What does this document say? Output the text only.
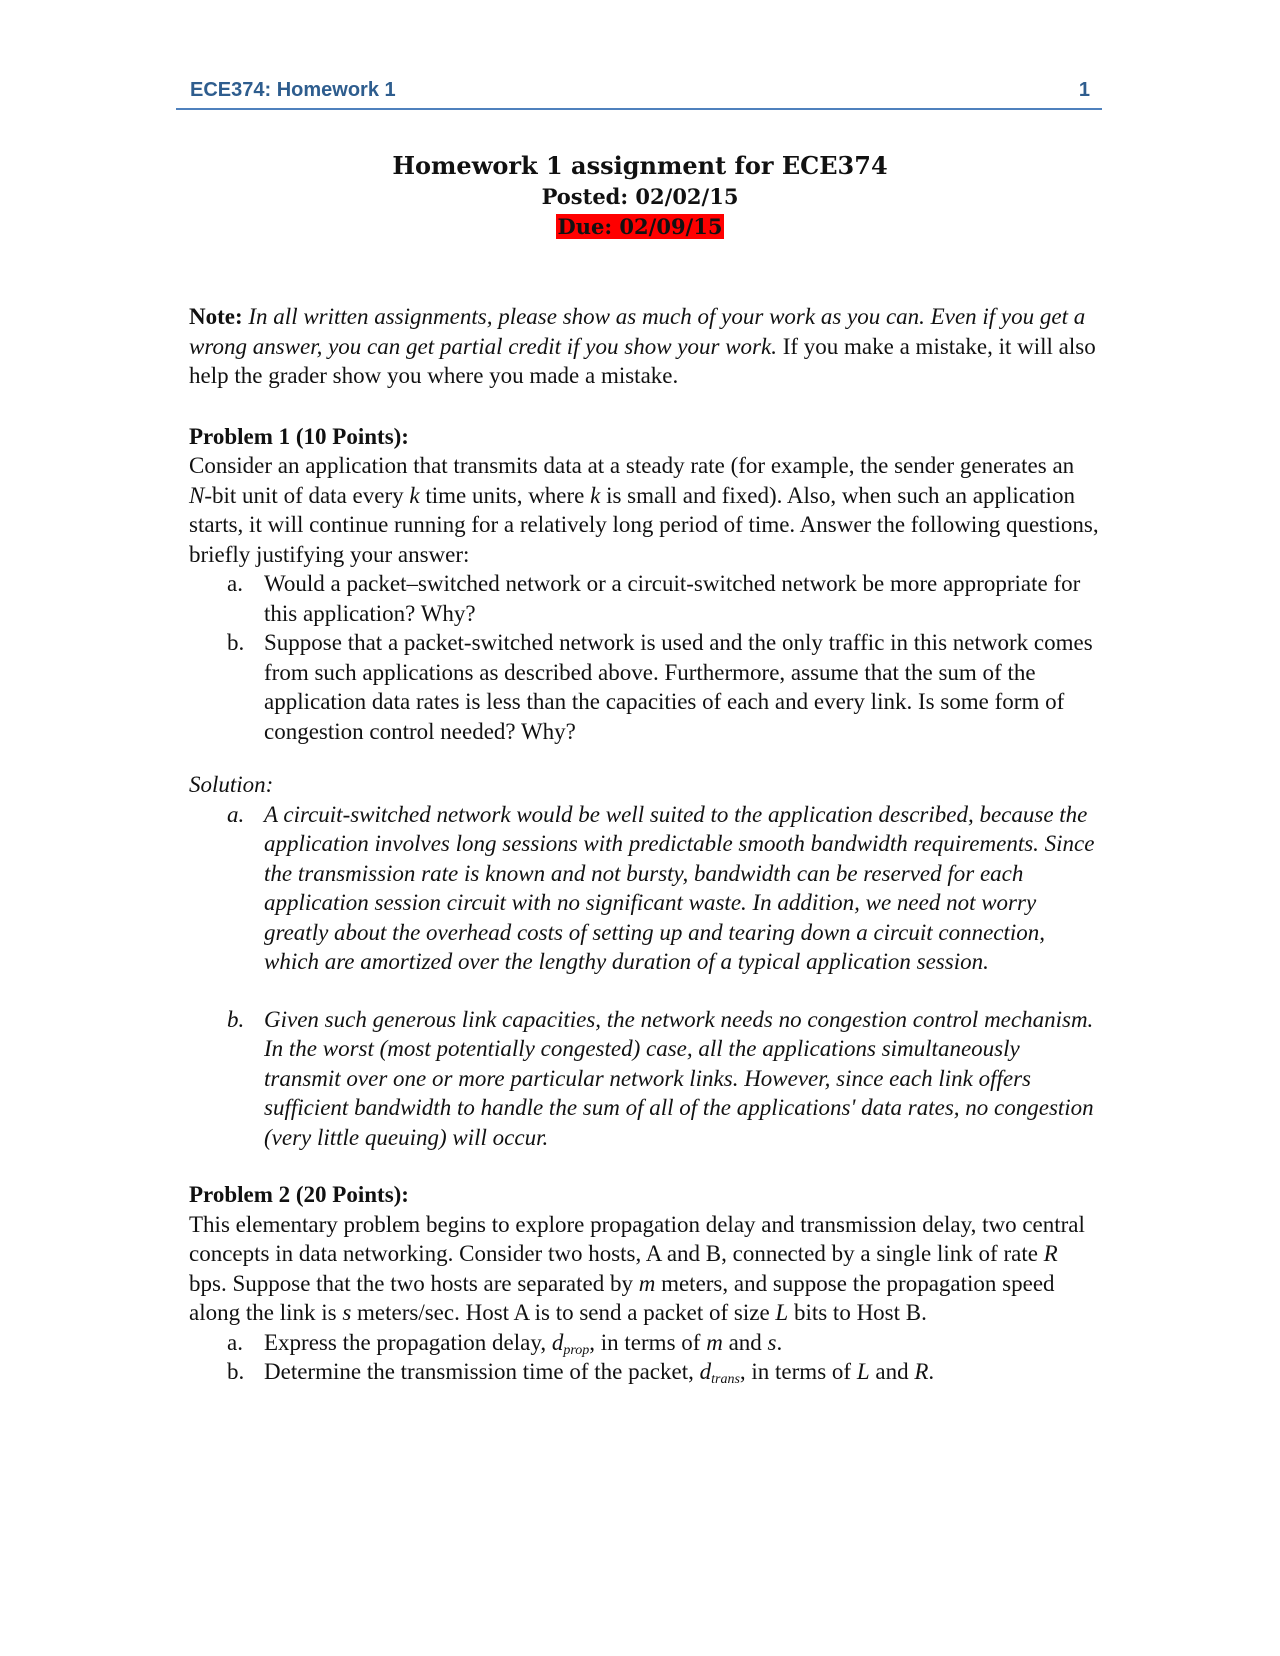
ECE374: Homework 1	1
Homework 1 assignment for ECE374
Posted: 02/02/15
Due: 02/09/15

Note: In all written assignments, please show as much of your work as you can. Even if you get a wrong answer, you can get partial credit if you show your work. If you make a mistake, it will also help the grader show you where you made a mistake.

Problem 1 (10 Points):

Consider an application that transmits data at a steady rate (for example, the sender generates an N-bit unit of data every k time units, where k is small and fixed). Also, when such an application starts, it will continue running for a relatively long period of time. Answer the following questions, briefly justifying your answer:

a. Would a packet–switched network or a circuit-switched network be more appropriate for this application? Why?
b. Suppose that a packet-switched network is used and the only traffic in this network comes from such applications as described above. Furthermore, assume that the sum of the application data rates is less than the capacities of each and every link. Is some form of congestion control needed? Why?
Solution:
a. A circuit-switched network would be well suited to the application described, because the application involves long sessions with predictable smooth bandwidth requirements. Since the transmission rate is known and not bursty, bandwidth can be reserved for each application session circuit with no significant waste. In addition, we need not worry greatly about the overhead costs of setting up and tearing down a circuit connection, which are amortized over the lengthy duration of a typical application session.
b. Given such generous link capacities, the network needs no congestion control mechanism. In the worst (most potentially congested) case, all the applications simultaneously transmit over one or more particular network links. However, since each link offers sufficient bandwidth to handle the sum of all of the applications' data rates, no congestion (very little queuing) will occur.
Problem 2 (20 Points):

This elementary problem begins to explore propagation delay and transmission delay, two central concepts in data networking. Consider two hosts, A and B, connected by a single link of rate R bps. Suppose that the two hosts are separated by m meters, and suppose the propagation speed along the link is s meters/sec. Host A is to send a packet of size L bits to Host B.

a. Express the propagation delay, $d_{prop}$, in terms of m and s.
b. Determine the transmission time of the packet, $d_{trans}$, in terms of L and R.
